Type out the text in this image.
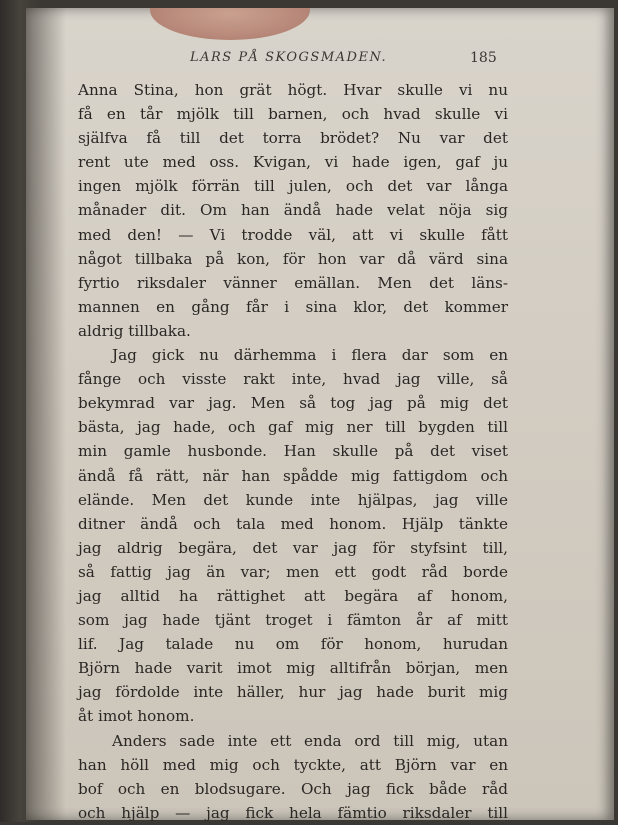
LARS PÅ SKOGSMADEN.	185
Anna Stina, hon grät högt. Hvar skulle vi nu
få en tår mjölk till barnen, och hvad skulle vi
själfva få till det torra brödet? Nu var det
rent ute med oss. Kvigan, vi hade igen, gaf ju
ingen mjölk förrän till julen, och det var långa
månader dit. Om han ändå hade velat nöja sig
med den! — Vi trodde väl, att vi skulle fått
något tillbaka på kon, för hon var då värd sina
fyrtio riksdaler vänner emällan. Men det läns-
mannen en gång får i sina klor, det kommer
aldrig tillbaka.
Jag gick nu därhemma i flera dar som en
fånge och visste rakt inte, hvad jag ville, så
bekymrad var jag. Men så tog jag på mig det
bästa, jag hade, och gaf mig ner till bygden till
min gamle husbonde. Han skulle på det viset
ändå få rätt, när han spådde mig fattigdom och
elände. Men det kunde inte hjälpas, jag ville
ditner ändå och tala med honom. Hjälp tänkte
jag aldrig begära, det var jag för styfsint till,
så fattig jag än var; men ett godt råd borde
jag alltid ha rättighet att begära af honom,
som jag hade tjänt troget i fämton år af mitt
lif. Jag talade nu om för honom, hurudan
Björn hade varit imot mig alltifrån början, men
jag fördolde inte häller, hur jag hade burit mig
åt imot honom.
Anders sade inte ett enda ord till mig, utan
han höll med mig och tyckte, att Björn var en
bof och en blodsugare. Och jag fick både råd
och hjälp — jag fick hela fämtio riksdaler till
